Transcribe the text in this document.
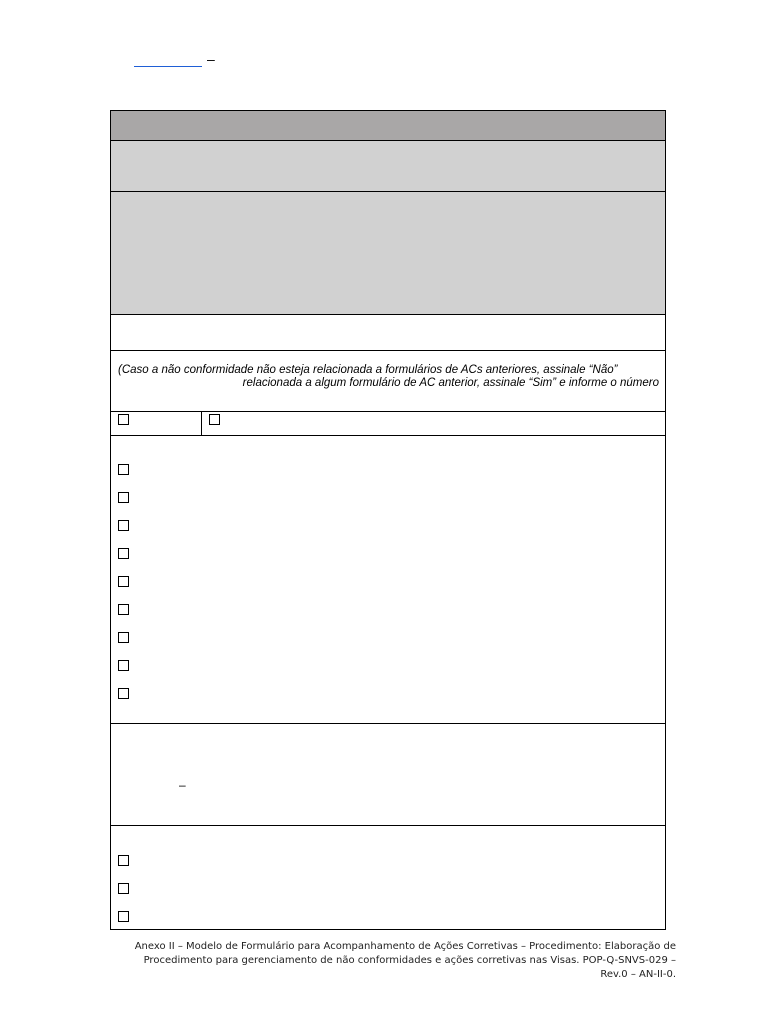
–
(Caso a não conformidade não esteja relacionada a formulários de ACs anteriores, assinale “Não”
relacionada a algum formulário de AC anterior, assinale “Sim” e informe o número
–
Anexo II – Modelo de Formulário para Acompanhamento de Ações Corretivas – Procedimento: Elaboração de
Procedimento para gerenciamento de não conformidades e ações corretivas nas Visas. POP-Q-SNVS-029 –
Rev.0 – AN-II-0.
